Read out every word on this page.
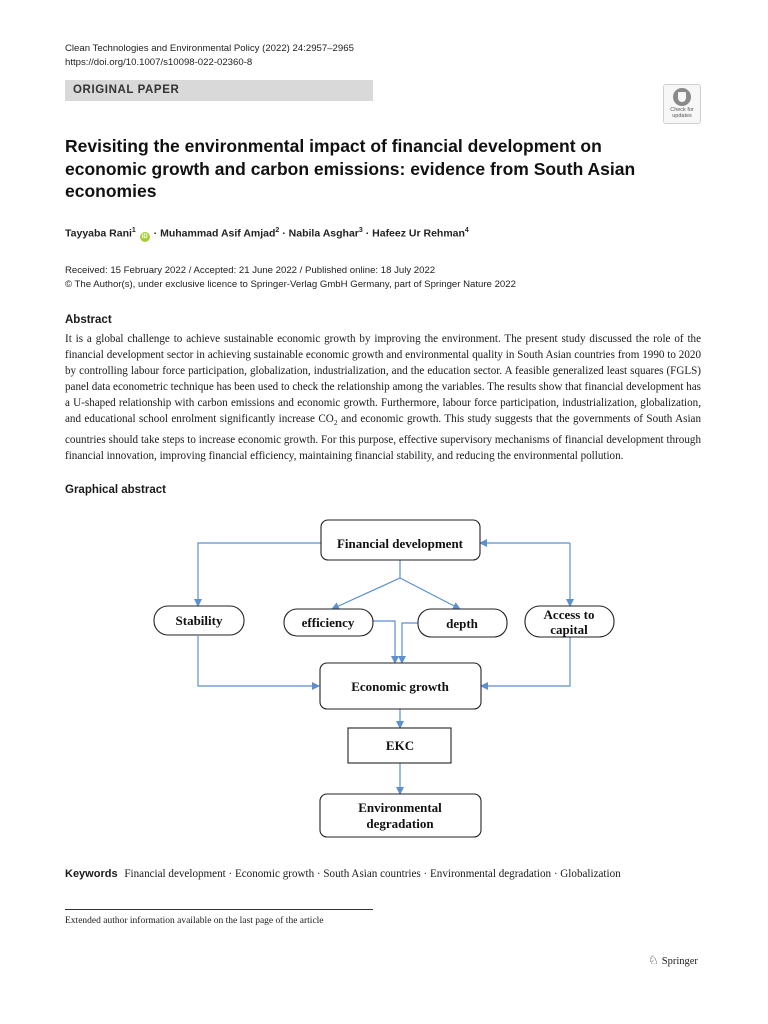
Clean Technologies and Environmental Policy (2022) 24:2957–2965
https://doi.org/10.1007/s10098-022-02360-8
ORIGINAL PAPER
Check for
updates
Revisiting the environmental impact of financial development on economic growth and carbon emissions: evidence from South Asian economies
Tayyaba Rani$^1$ iD · Muhammad Asif Amjad$^2$ · Nabila Asghar$^3$ · Hafeez Ur Rehman$^4$
Received: 15 February 2022 / Accepted: 21 June 2022 / Published online: 18 July 2022
© The Author(s), under exclusive licence to Springer-Verlag GmbH Germany, part of Springer Nature 2022
Abstract
It is a global challenge to achieve sustainable economic growth by improving the environment. The present study discussed the role of the financial development sector in achieving sustainable economic growth and environmental quality in South Asian countries from 1990 to 2020 by controlling labour force participation, globalization, industrialization, and the education sector. A feasible generalized least squares (FGLS) panel data econometric technique has been used to check the relationship among the variables. The results show that financial development has a U-shaped relationship with carbon emissions and economic growth. Furthermore, labour force participation, industrialization, globalization, and educational school enrolment significantly increase $CO_2$ and economic growth. This study suggests that the governments of South Asian countries should take steps to increase economic growth. For this purpose, effective supervisory mechanisms of financial development through financial innovation, improving financial efficiency, maintaining financial stability, and reducing the environmental pollution.
Graphical abstract
Financial development
Stability	efficiency	depth
Access to
capital
Economic growth
EKC
Environmental
degradation
Keywords Financial development · Economic growth · South Asian countries · Environmental degradation · Globalization
Extended author information available on the last page of the article
♘ Springer
